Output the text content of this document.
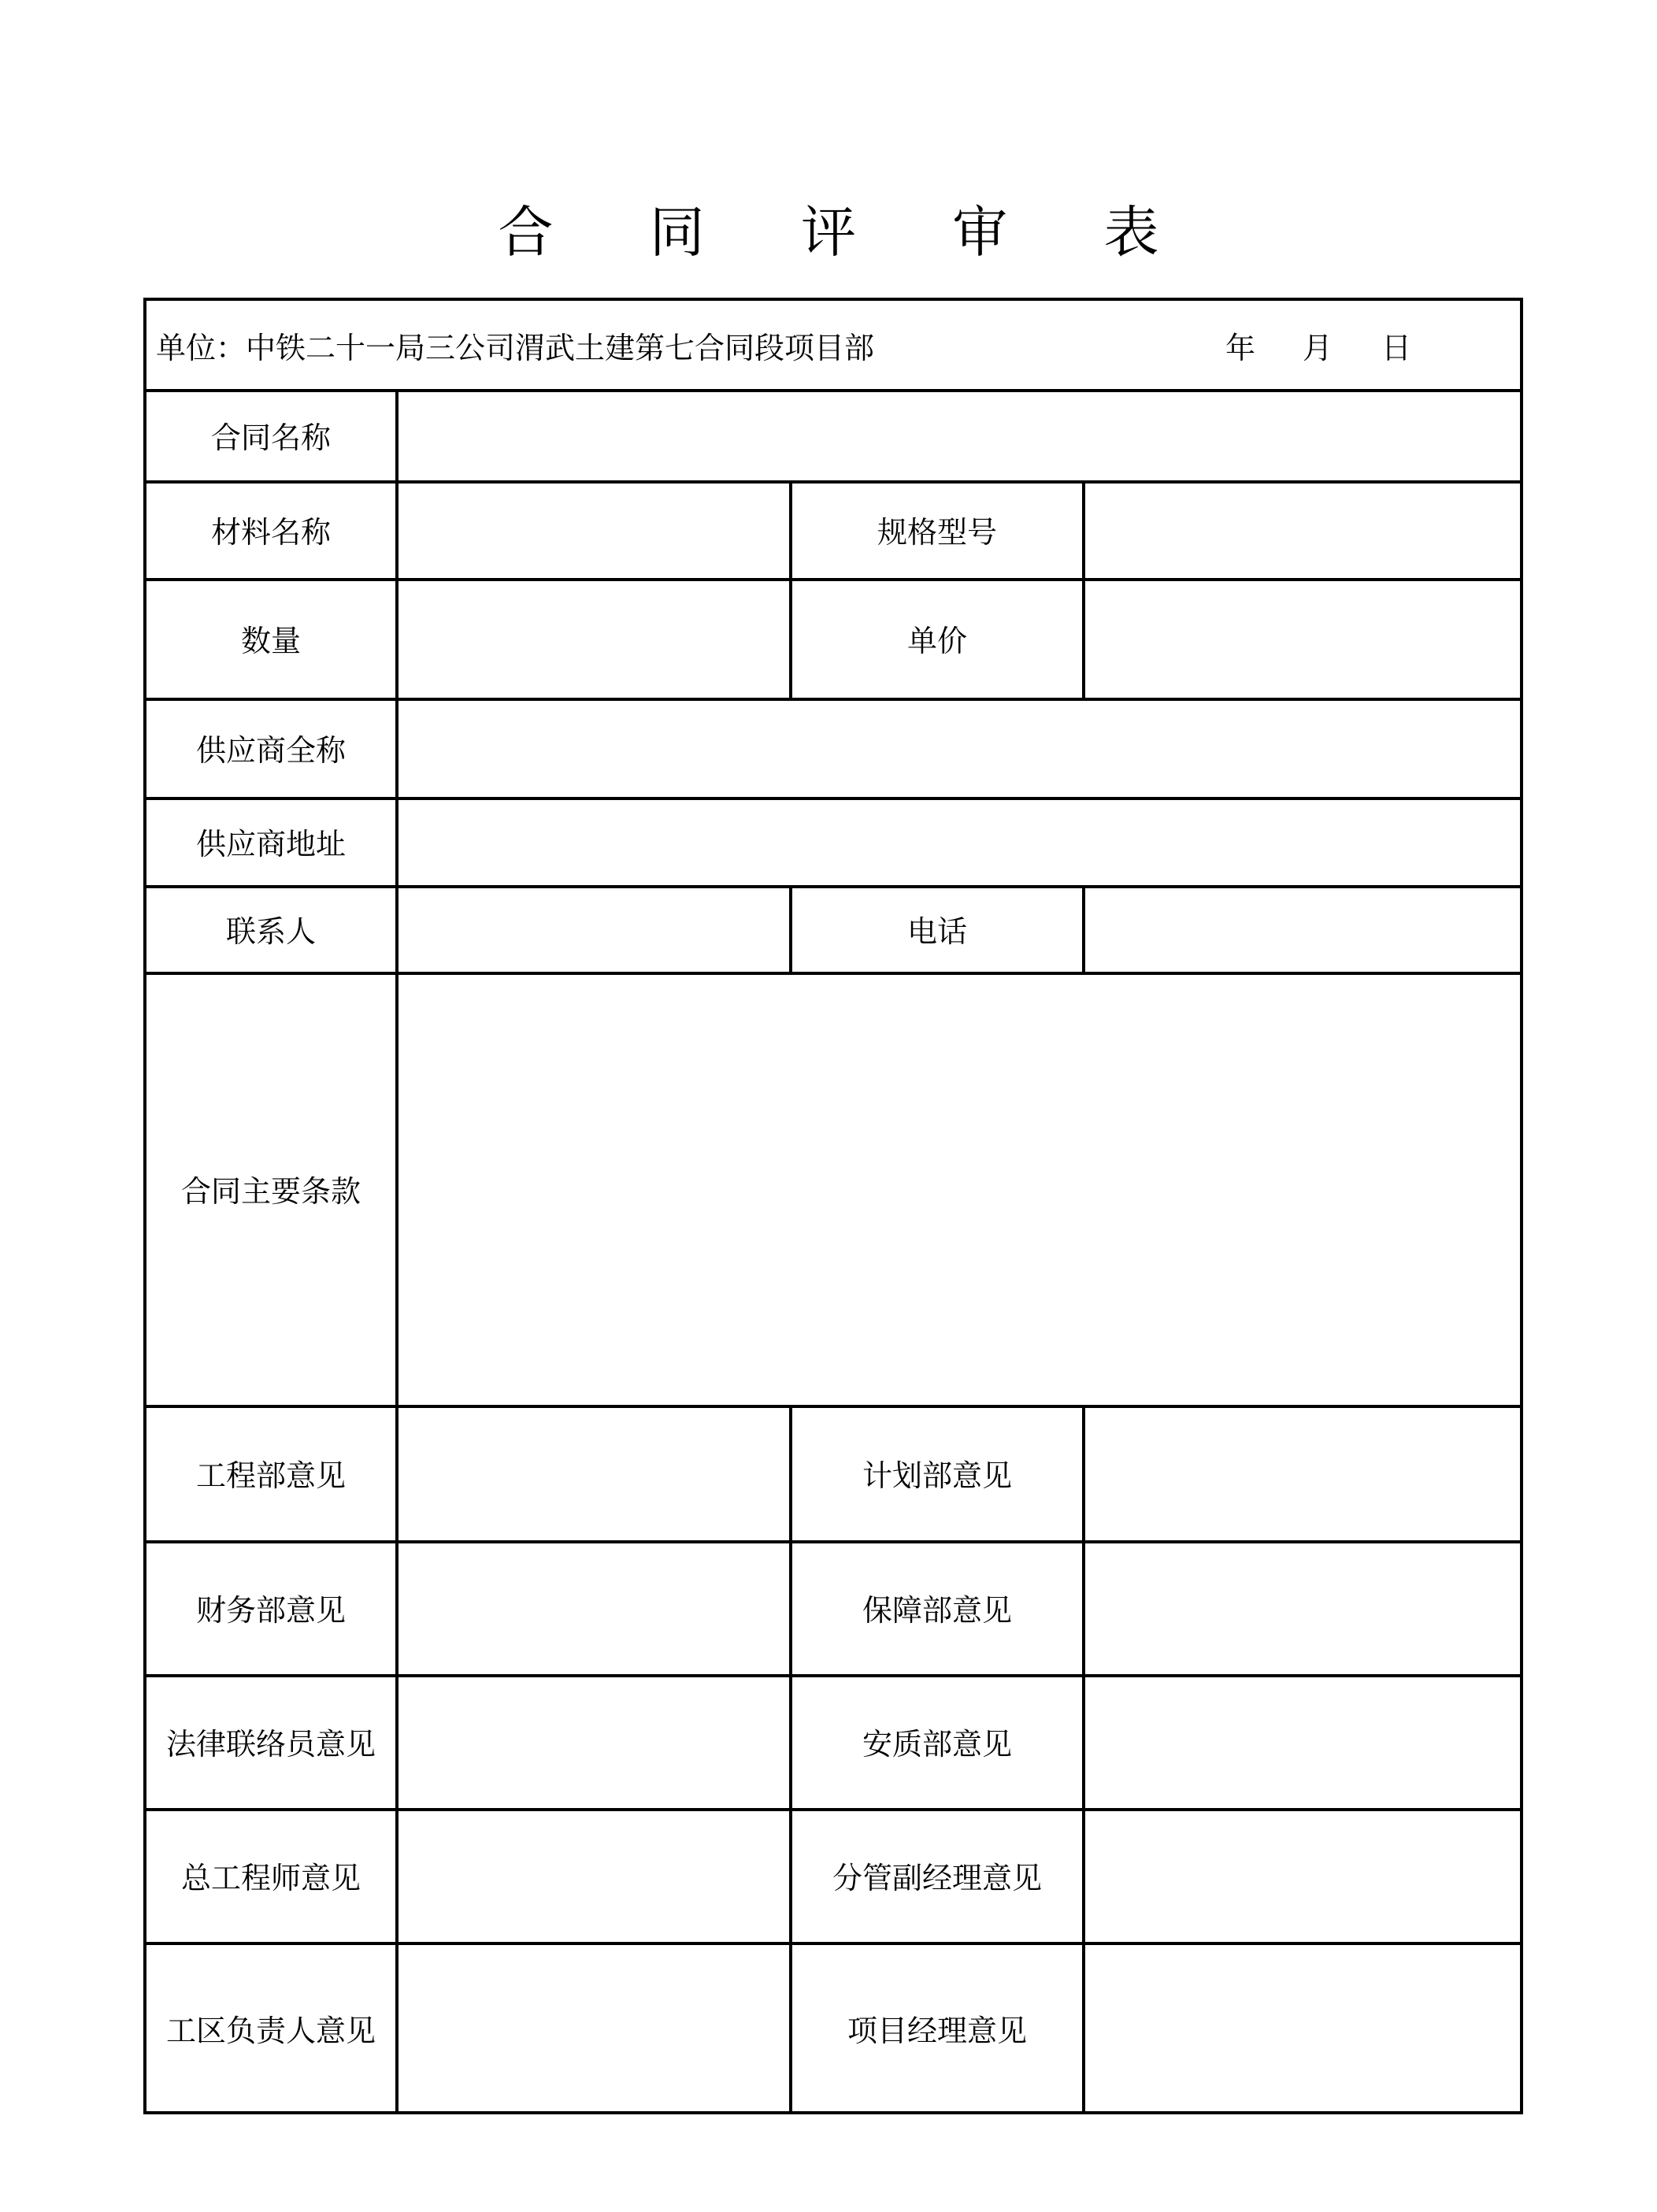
合 同 评 审 表
单位：中铁二十一局三公司渭武土建第七合同段项目部	年 月 日
合同名称
材料名称	规格型号
数量	单价
供应商全称
供应商地址
联系人	电话
合同主要条款
工程部意见	计划部意见
财务部意见	保障部意见
法律联络员意见	安质部意见
总工程师意见	分管副经理意见
工区负责人意见	项目经理意见
